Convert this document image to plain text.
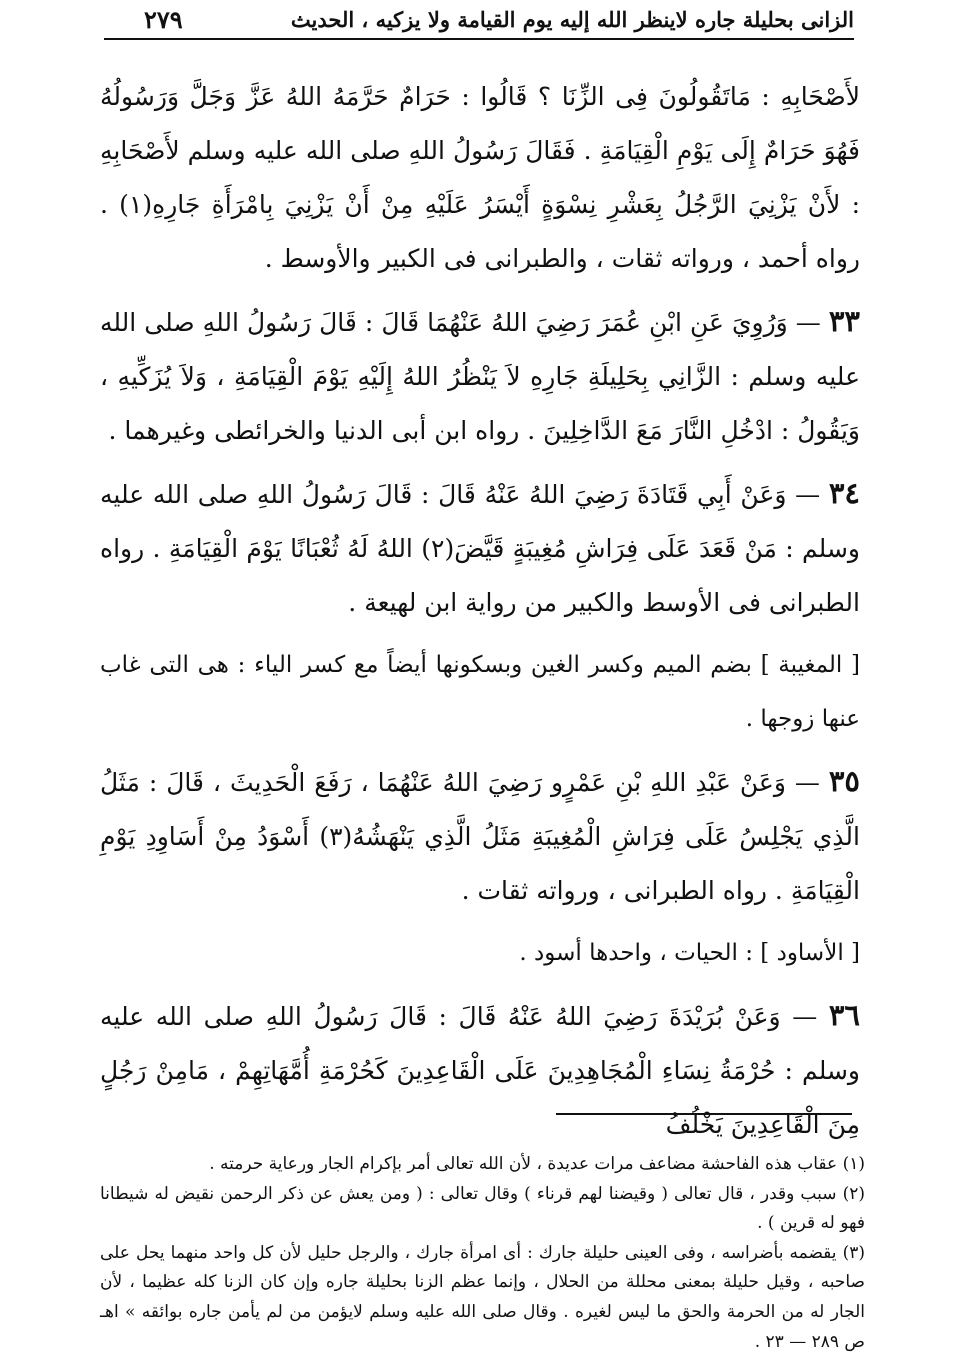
الزانى بحليلة جاره لاينظر الله إليه يوم القيامة ولا يزكيه ، الحديث
٢٧٩

لأَصْحَابِهِ : مَاتَقُولُونَ فِى الزِّنَا ؟ قَالُوا : حَرَامٌ حَرَّمَهُ اللهُ عَزَّ وَجَلَّ وَرَسُولُهُ فَهُوَ حَرَامٌ إِلَى يَوْمِ الْقِيَامَةِ . فَقَالَ رَسُولُ اللهِ صلى الله عليه وسلم لأَصْحَابِهِ : لأَنْ يَزْنِيَ الرَّجُلُ بِعَشْرِ نِسْوَةٍ أَيْسَرُ عَلَيْهِ مِنْ أَنْ يَزْنِيَ بِامْرَأَةِ جَارِهِ(١) . رواه أحمد ، ورواته ثقات ، والطبرانى فى الكبير والأوسط .

٣٣ — وَرُوِيَ عَنِ ابْنِ عُمَرَ رَضِيَ اللهُ عَنْهُمَا قَالَ : قَالَ رَسُولُ اللهِ صلى الله عليه وسلم : الزَّانِي بِحَلِيلَةِ جَارِهِ لاَ يَنْظُرُ اللهُ إِلَيْهِ يَوْمَ الْقِيَامَةِ ، وَلاَ يُزَكِّيهِ ، وَيَقُولُ : ادْخُلِ النَّارَ مَعَ الدَّاخِلِينَ . رواه ابن أبى الدنيا والخرائطى وغيرهما .

٣٤ — وَعَنْ أَبِي قَتَادَةَ رَضِيَ اللهُ عَنْهُ قَالَ : قَالَ رَسُولُ اللهِ صلى الله عليه وسلم : مَنْ قَعَدَ عَلَى فِرَاشِ مُغِيبَةٍ قَيَّضَ(٢) اللهُ لَهُ ثُعْبَانًا يَوْمَ الْقِيَامَةِ . رواه الطبرانى فى الأوسط والكبير من رواية ابن لهيعة .

[ المغيبة ] بضم الميم وكسر الغين وبسكونها أيضاً مع كسر الياء : هى التى غاب عنها زوجها .

٣٥ — وَعَنْ عَبْدِ اللهِ بْنِ عَمْرٍو رَضِيَ اللهُ عَنْهُمَا ، رَفَعَ الْحَدِيثَ ، قَالَ : مَثَلُ الَّذِي يَجْلِسُ عَلَى فِرَاشِ الْمُغِيبَةِ مَثَلُ الَّذِي يَنْهَشُهُ(٣) أَسْوَدُ مِنْ أَسَاوِدِ يَوْمِ الْقِيَامَةِ . رواه الطبرانى ، ورواته ثقات .

[ الأساود ] : الحيات ، واحدها أسود .

٣٦ — وَعَنْ بُرَيْدَةَ رَضِيَ اللهُ عَنْهُ قَالَ : قَالَ رَسُولُ اللهِ صلى الله عليه وسلم : حُرْمَةُ نِسَاءِ الْمُجَاهِدِينَ عَلَى الْقَاعِدِينَ كَحُرْمَةِ أُمَّهَاتِهِمْ ، مَامِنْ رَجُلٍ مِنَ الْقَاعِدِينَ يَخْلُفُ

(١) عقاب هذه الفاحشة مضاعف مرات عديدة ، لأن الله تعالى أمر بإكرام الجار ورعاية حرمته .

(٢) سبب وقدر ، قال تعالى ( وقيضنا لهم قرناء ) وقال تعالى : ( ومن يعش عن ذكر الرحمن نقيض له شيطانا فهو له قرين ) .

(٣) يقضمه بأضراسه ، وفى العينى حليلة جارك : أى امرأة جارك ، والرجل حليل لأن كل واحد منهما يحل على صاحبه ، وقيل حليلة بمعنى محللة من الحلال ، وإنما عظم الزنا بحليلة جاره وإن كان الزنا كله عظيما ، لأن الجار له من الحرمة والحق ما ليس لغيره . وقال صلى الله عليه وسلم لايؤمن من لم يأمن جاره بوائقه » اهـ ص ٢٨٩ — ٢٣ .
